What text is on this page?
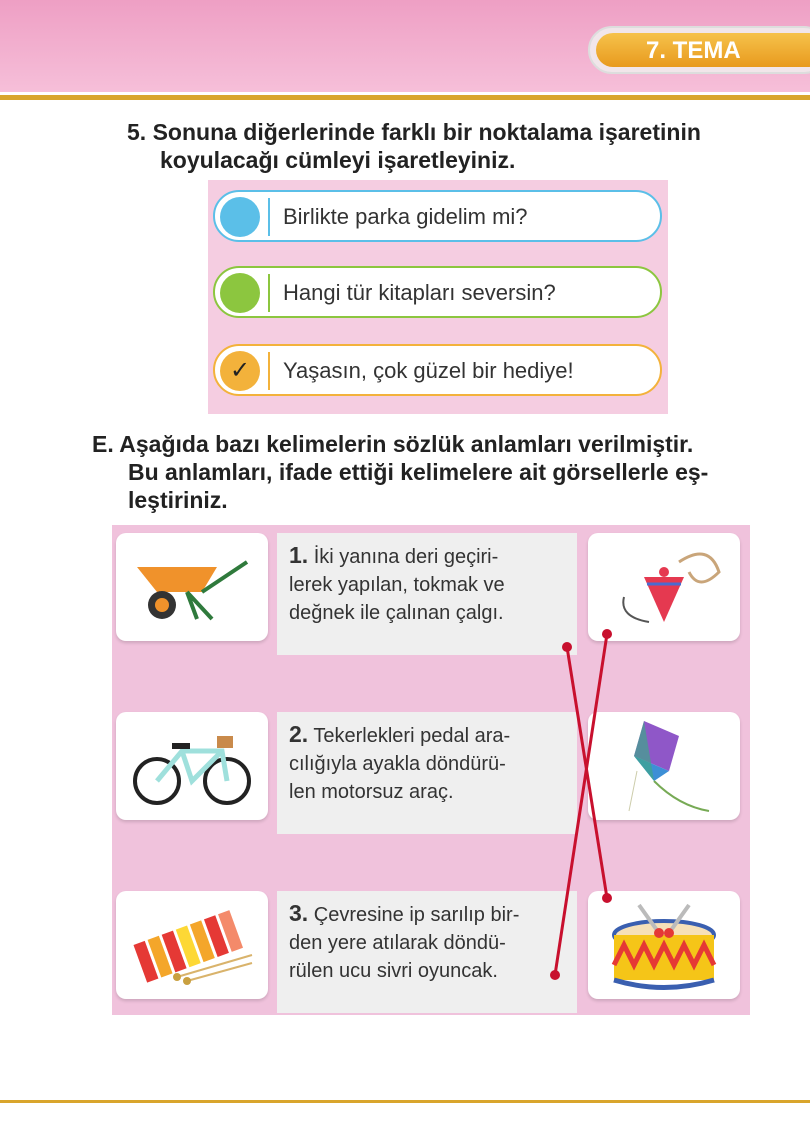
7. TEMA
5. Sonuna diğerlerinde farklı bir noktalama işaretinin
koyulacağı cümleyi işaretleyiniz.
Birlikte parka gidelim mi?
Hangi tür kitapları seversin?
✓	Yaşasın, çok güzel bir hediye!
E. Aşağıda bazı kelimelerin sözlük anlamları verilmiştir.
Bu anlamları, ifade ettiği kelimelere ait görsellerle eş-
leştiriniz.
1. İki yanına deri geçiri-
lerek yapılan, tokmak ve
değnek ile çalınan çalgı.
2. Tekerlekleri pedal ara-
cılığıyla ayakla döndürü-
len motorsuz araç.
3. Çevresine ip sarılıp bir-
den yere atılarak döndü-
rülen ucu sivri oyuncak.
